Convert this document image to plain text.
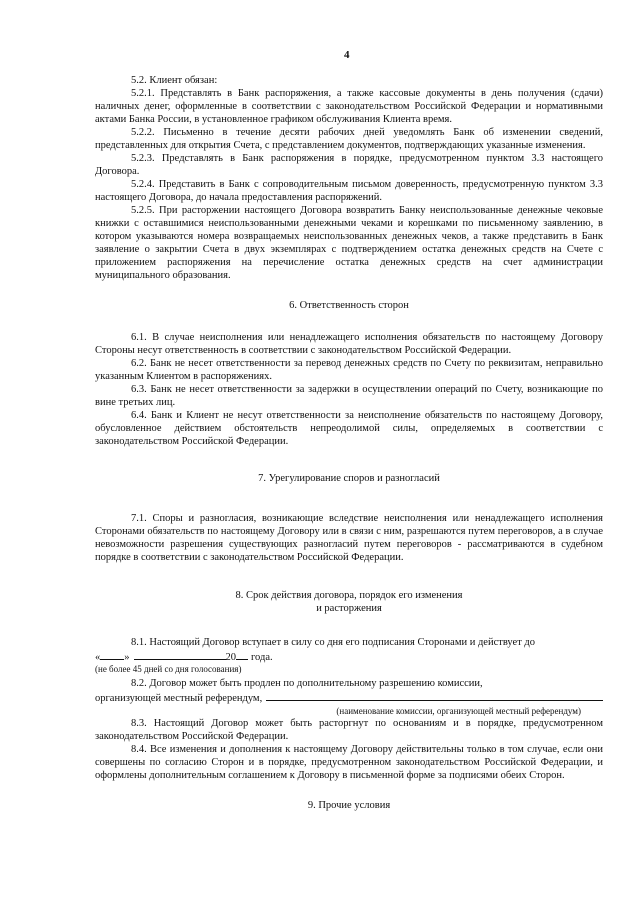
4

5.2. Клиент обязан:

5.2.1. Представлять в Банк распоряжения, а также кассовые документы в день получения (сдачи) наличных денег, оформленные в соответствии с законодательством Российской Федерации и нормативными актами Банка России, в установленное графиком обслуживания Клиента время.

5.2.2. Письменно в течение десяти рабочих дней уведомлять Банк об изменении сведений, представленных для открытия Счета, с представлением документов, подтверждающих указанные изменения.

5.2.3. Представлять в Банк распоряжения в порядке, предусмотренном пунктом 3.3 настоящего Договора.

5.2.4. Представить в Банк с сопроводительным письмом доверенность, предусмотренную пунктом 3.3 настоящего Договора, до начала предоставления распоряжений.

5.2.5. При расторжении настоящего Договора возвратить Банку неиспользованные денежные чековые книжки с оставшимися неиспользованными денежными чеками и корешками по письменному заявлению, в котором указываются номера возвращаемых неиспользованных денежных чеков, а также представить в Банк заявление о закрытии Счета в двух экземплярах с подтверждением остатка денежных средств на Счете с приложением распоряжения на перечисление остатка денежных средств на счет администрации муниципального образования.

6. Ответственность сторон

6.1. В случае неисполнения или ненадлежащего исполнения обязательств по настоящему Договору Стороны несут ответственность в соответствии с законодательством Российской Федерации.

6.2. Банк не несет ответственности за перевод денежных средств по Счету по реквизитам, неправильно указанным Клиентом в распоряжениях.

6.3. Банк не несет ответственности за задержки в осуществлении операций по Счету, возникающие по вине третьих лиц.

6.4. Банк и Клиент не несут ответственности за неисполнение обязательств по настоящему Договору, обусловленное действием обстоятельств непреодолимой силы, определяемых в соответствии с законодательством Российской Федерации.

7. Урегулирование споров и разногласий

7.1. Споры и разногласия, возникающие вследствие неисполнения или ненадлежащего исполнения Сторонами обязательств по настоящему Договору или в связи с ним, разрешаются путем переговоров, а в случае невозможности разрешения существующих разногласий путем переговоров - рассматриваются в судебном порядке в соответствии с законодательством Российской Федерации.

8. Срок действия договора, порядок его изменения

и расторжения

8.1. Настоящий Договор вступает в силу со дня его подписания Сторонами и действует до

« »	20 года.

(не более 45 дней со дня голосования)

8.2. Договор может быть продлен по дополнительному разрешению комиссии,

организующей местный референдум,

(наименование комиссии, организующей местный референдум)

8.3. Настоящий Договор может быть расторгнут по основаниям и в порядке, предусмотренном законодательством Российской Федерации.

8.4. Все изменения и дополнения к настоящему Договору действительны только в том случае, если они совершены по согласию Сторон и в порядке, предусмотренном законодательством Российской Федерации, и оформлены дополнительным соглашением к Договору в письменной форме за подписями обеих Сторон.

9. Прочие условия
